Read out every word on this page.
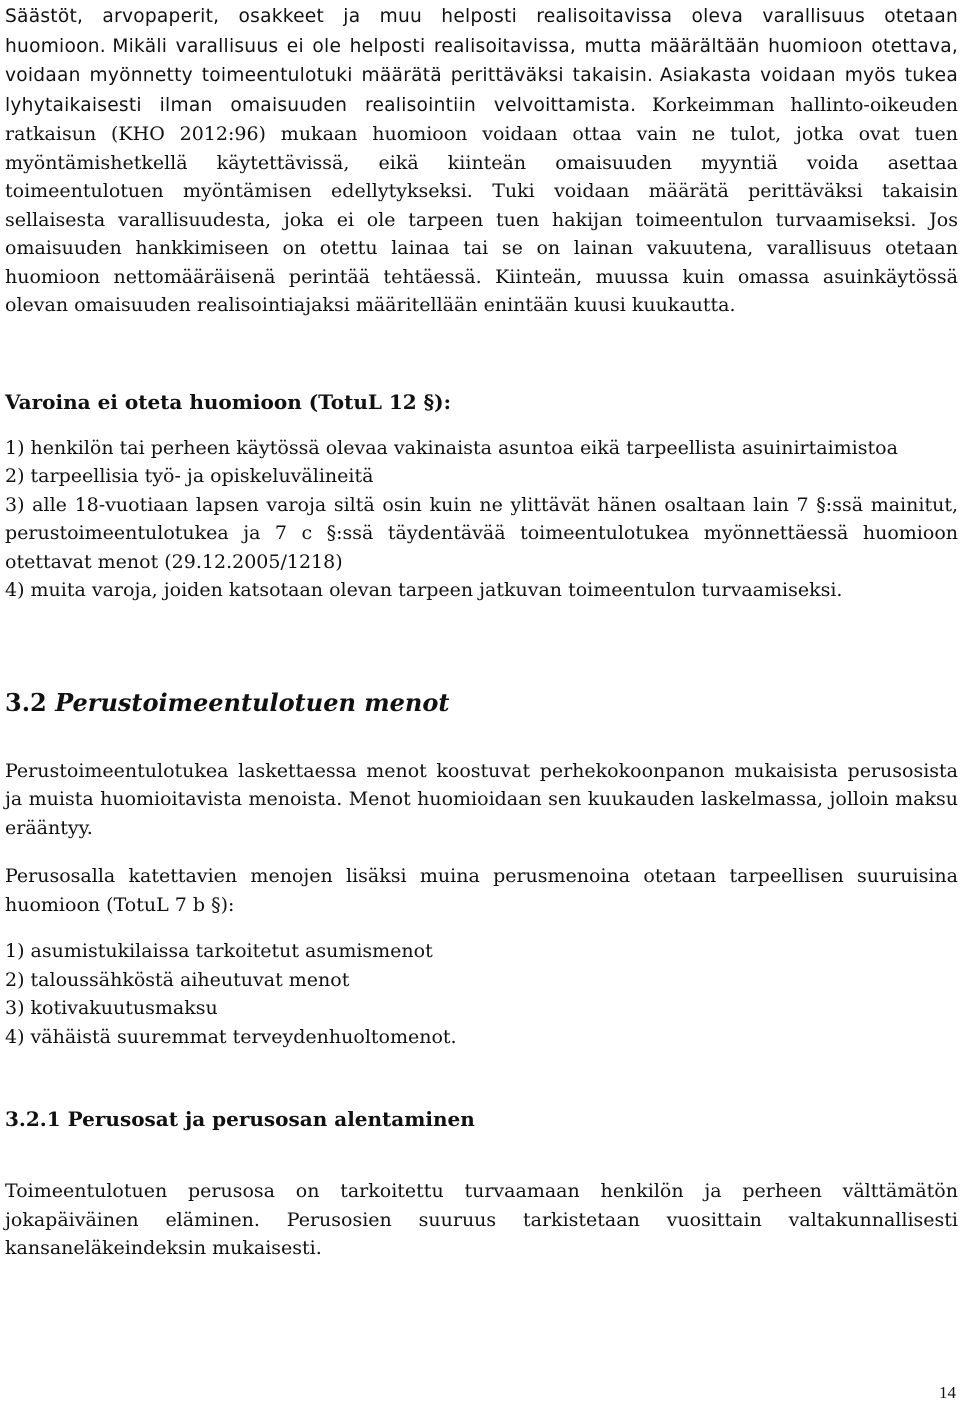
Säästöt, arvopaperit, osakkeet ja muu helposti realisoitavissa oleva varallisuus otetaan huomioon. Mikäli varallisuus ei ole helposti realisoitavissa, mutta määrältään huomioon otettava, voidaan myönnetty toimeentulotuki määrätä perittäväksi takaisin. Asiakasta voidaan myös tukea lyhytaikaisesti ilman omaisuuden realisointiin velvoittamista. Korkeimman hallinto-oikeuden ratkaisun (KHO 2012:96) mukaan huomioon voidaan ottaa vain ne tulot, jotka ovat tuen myöntämishetkellä käytettävissä, eikä kiinteän omaisuuden myyntiä voida asettaa toimeentulotuen myöntämisen edellytykseksi. Tuki voidaan määrätä perittäväksi takaisin sellaisesta varallisuudesta, joka ei ole tarpeen tuen hakijan toimeentulon turvaamiseksi. Jos omaisuuden hankkimiseen on otettu lainaa tai se on lainan vakuutena, varallisuus otetaan huomioon nettomääräisenä perintää tehtäessä. Kiinteän, muussa kuin omassa asuinkäytössä olevan omaisuuden realisointiajaksi määritellään enintään kuusi kuukautta.

Varoina ei oteta huomioon (TotuL 12 §):

1) henkilön tai perheen käytössä olevaa vakinaista asuntoa eikä tarpeellista asuinirtaimistoa
2) tarpeellisia työ- ja opiskeluvälineitä
3) alle 18-vuotiaan lapsen varoja siltä osin kuin ne ylittävät hänen osaltaan lain 7 §:ssä mainitut, perustoimeentulotukea ja 7 c §:ssä täydentävää toimeentulotukea myönnettäessä huomioon otettavat menot (29.12.2005/1218)
4) muita varoja, joiden katsotaan olevan tarpeen jatkuvan toimeentulon turvaamiseksi.
3.2 Perustoimeentulotuen menot

Perustoimeentulotukea laskettaessa menot koostuvat perhekokoonpanon mukaisista perusosista ja muista huomioitavista menoista. Menot huomioidaan sen kuukauden laskelmassa, jolloin maksu erääntyy.

Perusosalla katettavien menojen lisäksi muina perusmenoina otetaan tarpeellisen suuruisina huomioon (TotuL 7 b §):

1) asumistukilaissa tarkoitetut asumismenot
2) taloussähköstä aiheutuvat menot
3) kotivakuutusmaksu
4) vähäistä suuremmat terveydenhuoltomenot.

3.2.1 Perusosat ja perusosan alentaminen

Toimeentulotuen perusosa on tarkoitettu turvaamaan henkilön ja perheen välttämätön jokapäiväinen eläminen. Perusosien suuruus tarkistetaan vuosittain valtakunnallisesti kansaneläkeindeksin mukaisesti.

14
